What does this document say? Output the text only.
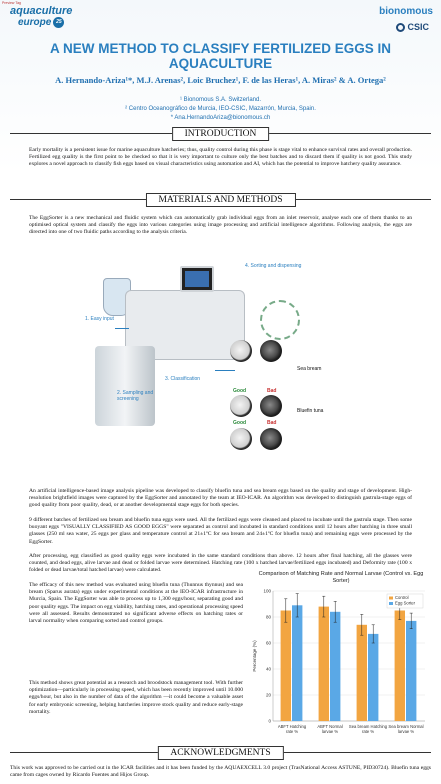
Preview Tag
aquaculture
europe 25
bionomous
CSIC
A NEW METHOD TO CLASSIFY FERTILIZED EGGS IN AQUACULTURE
A. Hernando-Ariza¹*, M.J. Arenas², Loic Bruchez¹, F. de las Heras¹, A. Miras² & A. Ortega²
¹ Bionomous S.A. Switzerland.
² Centro Oceanográfico de Murcia, IEO-CSIC, Mazarrón, Murcia, Spain.
* Ana.HernandoAriza@bionomous.ch
INTRODUCTION
Early mortality is a persistent issue for marine aquaculture hatcheries; thus, quality control during this phase is stage vital to enhance survival rates and overall production. Fertilized egg quality is the first point to be checked so that it is very important to culture only the best batches and to discard them if quality is not good. This study explores a novel approach to classify fish eggs based on visual characteristics using automation and AI, which has the potential to improve hatchery quality assurance.
MATERIALS AND METHODS
The EggSorter is a new mechanical and fluidic system which can automatically grab individual eggs from an inlet reservoir, analyse each one of them thanks to an optimised optical system and classify the eggs into various categories using image processing and artificial intelligence algorithms. Following analysis, the eggs are directed into one of two fluidic paths according to the analysis criteria.
1. Easy input
2. Sampling and screening
3. Classification
4. Sorting and dispensing
Good	Bad
Sea bream
Good	Bad
Bluefin tuna
An artificial intelligence-based image analysis pipeline was developed to classify bluefin tuna and sea bream eggs based on the quality and stage of development. High-resolution brightfield images were captured by the EggSorter and annotated by the team at IEO-ICAR. An algorithm was developed to distinguish gastrula-stage eggs of good quality from poor quality, dead, or at another developmental stage eggs for both species.
9 different batches of fertilized sea bream and bluefin tuna eggs were used. All the fertilized eggs were cleaned and placed to incubate until the gastrula stage. Then some buoyant eggs "VISUALLY CLASSIFIED AS GOOD EGGS" were separated as control and incubated in standard conditions until 12 hours after hatching in three small glasses (250 ml sea water, 25 eggs per glass and temperature control at 21±1ºC for sea bream and 24±1ºC for bluefin tuna) and remaining eggs were processed by the EggSorter.
After processing, egg classified as good quality eggs were incubated in the same standard conditions than above. 12 hours after final hatching, all the glasses were counted, and dead eggs, alive larvae and dead or folded larvae were determined. Hatching rate (100 x hatched larvae/fertilized eggs incubated) and Deformity rate (100 x folded or dead larvae/total hatched larvae) were calculated.
The efficacy of this new method was evaluated using bluefin tuna (Thunnus thynnus) and sea bream (Sparus aurata) eggs under experimental conditions at the IEO-ICAR infrastructure in Murcia, Spain. The EggSorter was able to process up to 1,300 eggs/hour, separating good and poor quality eggs. The impact on egg viability, hatching rates, and operational processing speed were all assessed. Results demonstrated no significant adverse effects on hatching rates or larval normality when comparing sorted and control groups.
This method shows great potential as a research and broodstock management tool. With further optimization—particularly in processing speed, which has been recently improved until 10.000 eggs/hour, but also in the number of data of the algorithm —it could become a valuable asset for early embryonic screening, helping hatcheries improve stock quality and reduce early-stage mortality.
Comparison of Matching Rate and Normal Larvae (Control vs. Egg Sorter)
0
20
40
60
80
100
Percentage (%)
ABFT Hatching
rate %
ABFT Normal
larvae %
Sea bream Hatching
rate %
Sea bream Normal
larvae %
Control
Egg Sorter
ACKNOWLEDGMENTS
This work was approved to be carried out in the ICAR facilities and it has been funded by the AQUAEXCELL 3.0 project (TrasNational Access ASTUNE, PID30724). Bluefin tuna eggs came from cages owned by Ricardo Fuentes and Hijos Group.
